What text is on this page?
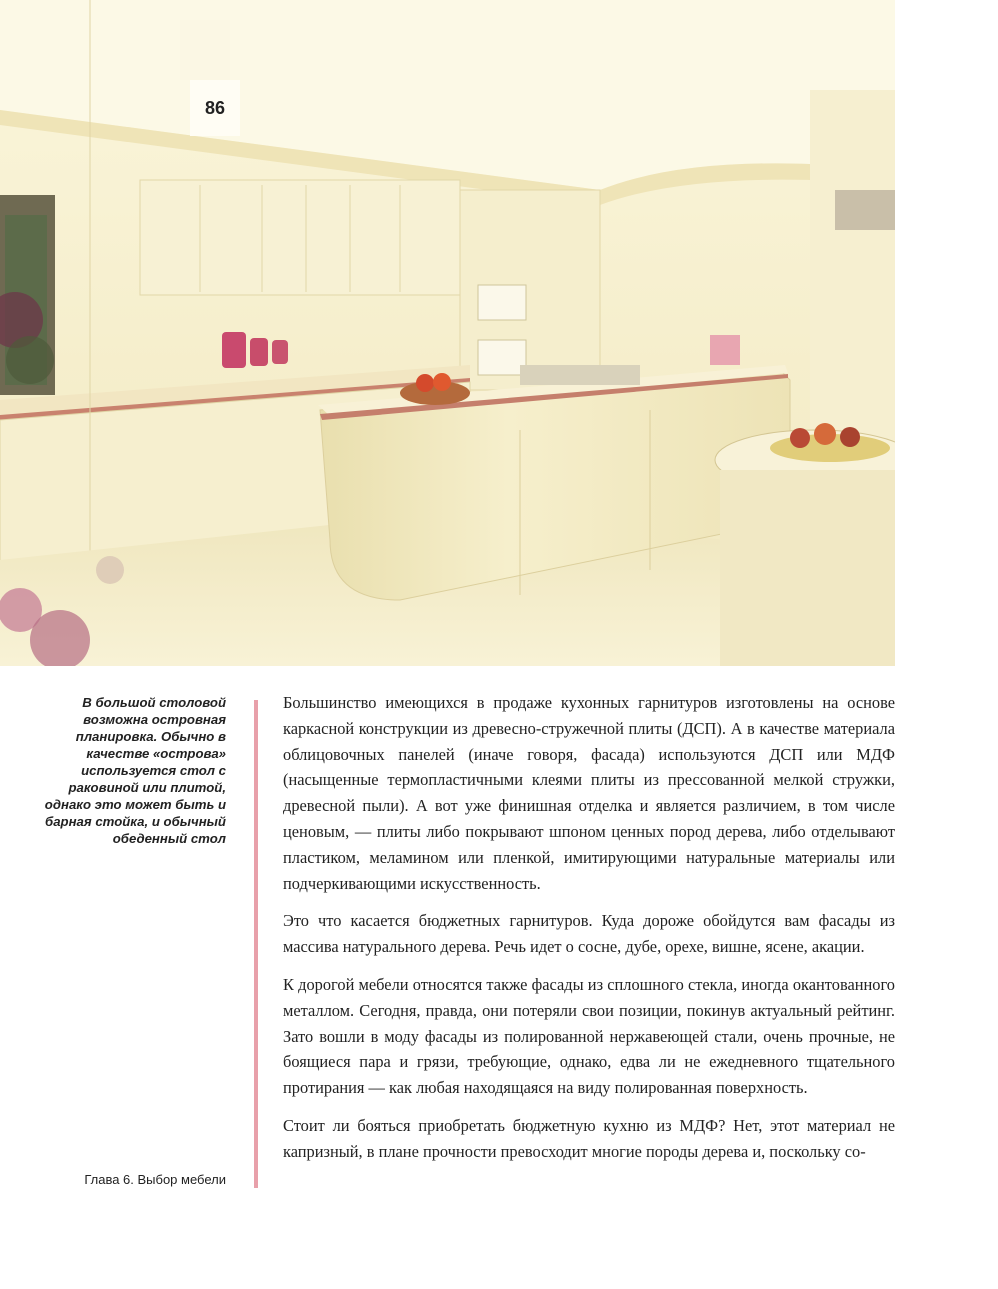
86
В большой столовой возможна островная планировка. Обычно в качестве «острова» используется стол с раковиной или плитой, однако это может быть и барная стойка, и обычный обеденный стол

Большинство имеющихся в продаже кухонных гарнитуров изготовлены на основе каркасной конструкции из древесно-стружечной плиты (ДСП). А в качестве материала облицовочных панелей (иначе говоря, фасада) используются ДСП или МДФ (насыщенные термопластичными клеями плиты из прессованной мелкой стружки, древесной пыли). А вот уже финишная отделка и является различием, в том числе ценовым, — плиты либо покрывают шпоном ценных пород дерева, либо отделывают пластиком, меламином или пленкой, имитирующими натуральные материалы или подчеркивающими искусственность.

Это что касается бюджетных гарнитуров. Куда дороже обойдутся вам фасады из массива натурального дерева. Речь идет о сосне, дубе, орехе, вишне, ясене, акации.

К дорогой мебели относятся также фасады из сплошного стекла, иногда окантованного металлом. Сегодня, правда, они потеряли свои позиции, покинув актуальный рейтинг. Зато вошли в моду фасады из полированной нержавеющей стали, очень прочные, не боящиеся пара и грязи, требующие, однако, едва ли не ежедневного тщательного протирания — как любая находящаяся на виду полированная поверхность.

Стоит ли бояться приобретать бюджетную кухню из МДФ? Нет, этот материал не капризный, в плане прочности превосходит многие породы дерева и, поскольку со-

Глава 6. Выбор мебели
